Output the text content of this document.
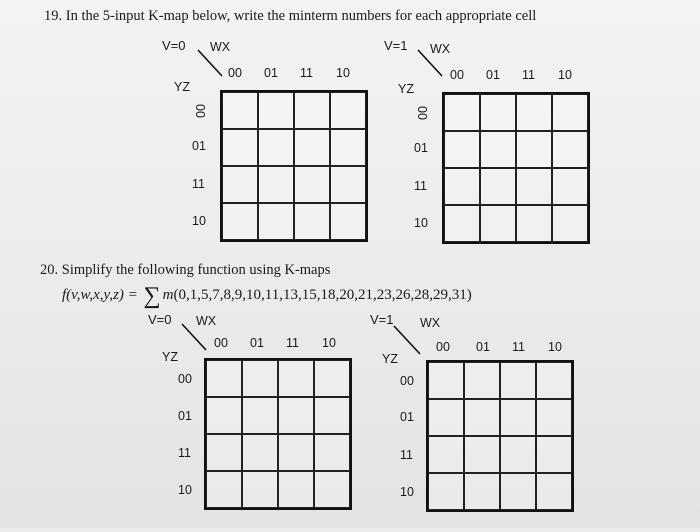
19. In the 5-input K-map below, write the minterm numbers for each appropriate cell
V=0 WX
YZ
00 01 11 10
00
01
11
10
V=1 WX
YZ
00 01 11 10
00
01
11
10
20. Simplify the following function using K-maps
f(v,w,x,y,z) = ∑ m(0,1,5,7,8,9,10,11,13,15,18,20,21,23,26,28,29,31)
V=0 WX
YZ
00 01 11 10
00
01
11
10
V=1 WX
YZ
00 01 11 10
00
01
11
10
